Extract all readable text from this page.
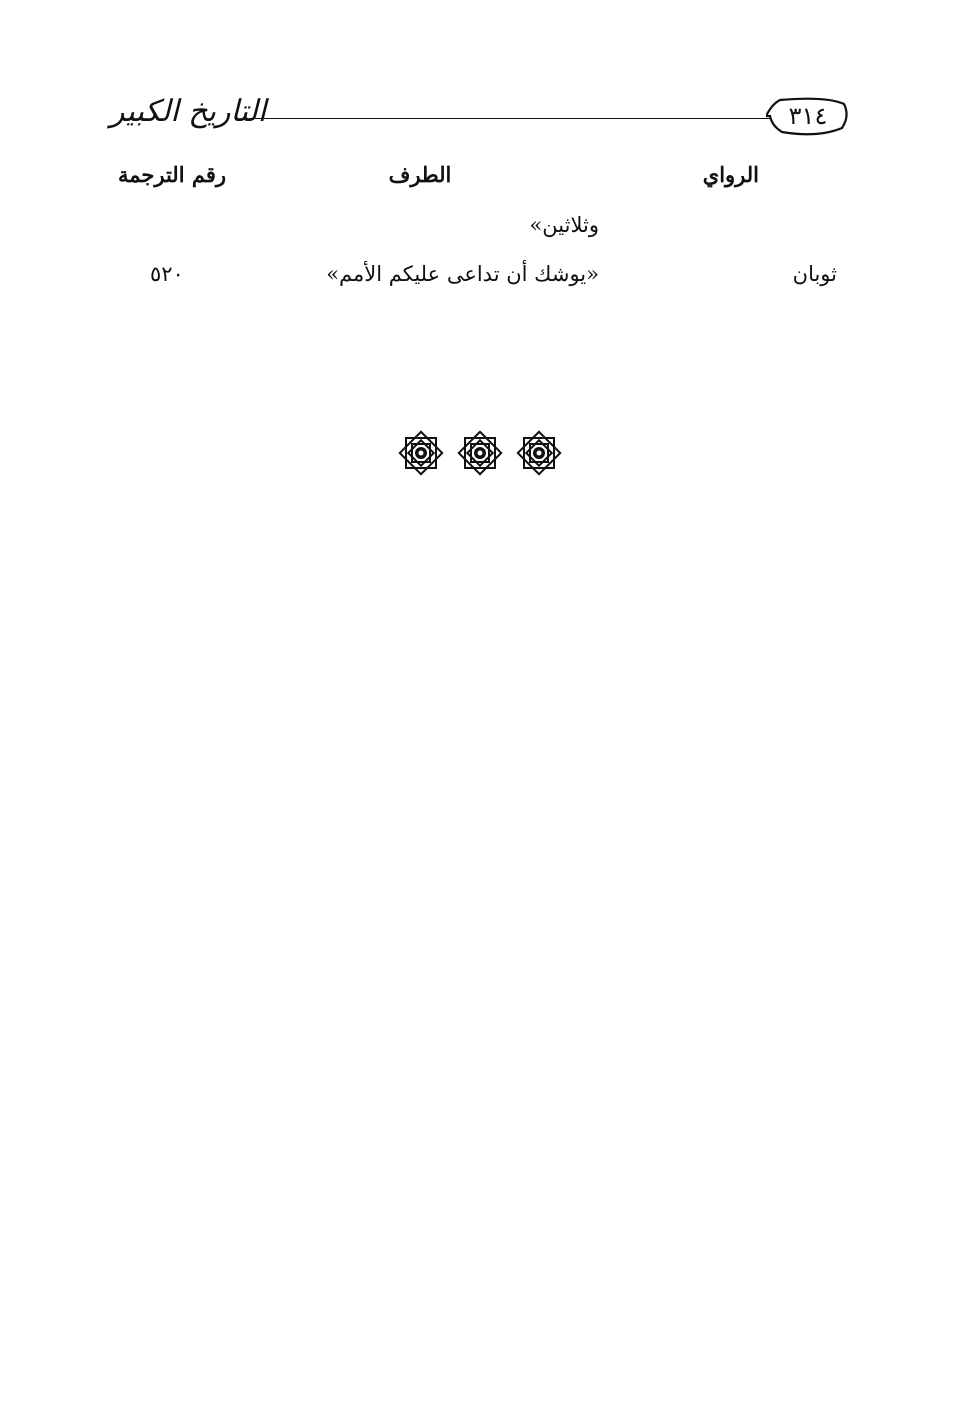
التاريخ الكبير	٣١٤
الرواي
الطرف
رقم الترجمة
وثلاثين»
ثوبان
«يوشك أن تداعى عليكم الأمم»
٥٢٠
